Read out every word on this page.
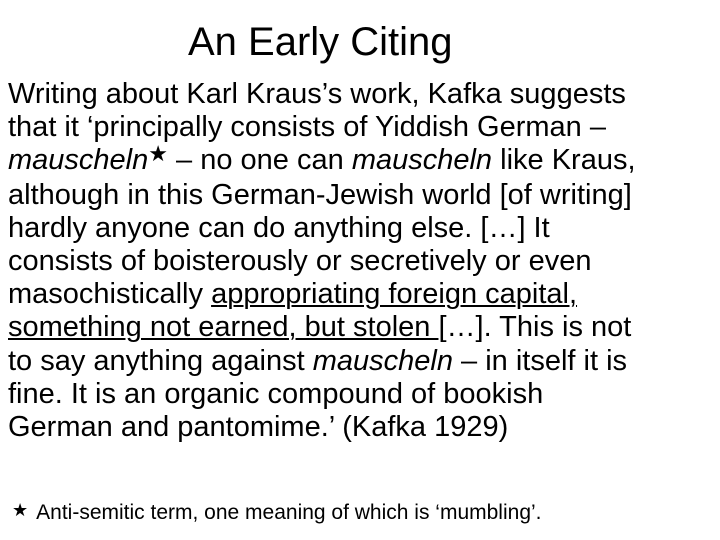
An Early Citing
Writing about Karl Kraus’s work, Kafka suggests
that it ‘principally consists of Yiddish German –
mauscheln★ – no one can mauscheln like Kraus,
although in this German-Jewish world [of writing]
hardly anyone can do anything else. […] It
consists of boisterously or secretively or even
masochistically appropriating foreign capital,
something not earned, but stolen […]. This is not
to say anything against mauscheln – in itself it is
fine. It is an organic compound of bookish
German and pantomime.’ (Kafka 1929)
★ Anti-semitic term, one meaning of which is ‘mumbling’.
